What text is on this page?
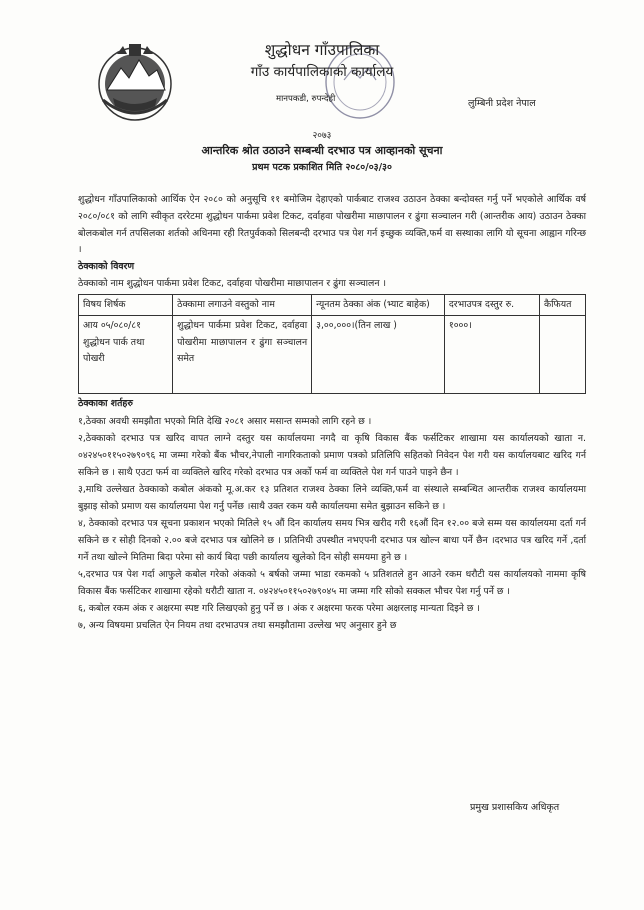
शुद्धोधन गाँउपालिका
गाँउ कार्यपालिकाको कार्यालय
मानपकडी, रुपन्देही	लुम्बिनी प्रदेश नेपाल
२०७३
आन्तरिक श्रोत उठाउने सम्बन्धी दरभाउ पत्र आव्हानको सूचना
प्रथम पटक प्रकाशित मिति २०८०/०३/३०

शुद्धोधन गाँउपालिकाको आर्थिक ऐन २०८० को अनुसूचि ११ बमोजिम देहाएको पार्कबाट राजश्व उठाउन ठेक्का बन्दोवस्त गर्नु पर्ने भएकोले आर्थिक वर्ष २०८०/०८१ को लागि स्वीकृत दररेटमा शुद्धोधन पार्कमा प्रवेश टिकट, दर्वाहवा पोखरीमा माछापालन र ढुंगा सञ्चालन गरी (आन्तरीक आय) उठाउन ठेक्का बोलकबोल गर्न तपसिलका शर्तको अधिनमा रही रितपुर्वकको सिलबन्दी दरभाउ पत्र पेश गर्न इच्छुक व्यक्ति,फर्म वा सस्थाका लागि यो सूचना आह्वान गरिन्छ ।

ठेक्काको विवरण

ठेक्काको नाम शुद्धोधन पार्कमा प्रवेश टिकट, दर्वाहवा पोखरीमा माछापालन र ढुंगा सञ्चालन ।

विषय शिर्षक	ठेक्कामा लगाउने वस्तुको नाम	न्यूनतम ठेक्का अंक (भ्याट बाहेक)	दरभाउपत्र दस्तुर रु.	कैफियत
आय ०५/०८०/८१ शुद्धोधन पार्क तथा पोखरी	शुद्धोधन पार्कमा प्रवेश टिकट, दर्वाहवा पोखरीमा माछापालन र ढुंगा सञ्चालन समेत	३,००,०००।(तिन लाख )	१०००।	

ठेक्काका शर्तहरु

१,ठेक्का अवधी समझौता भएको मिति देखि २०८१ असार मसान्त सम्मको लागि रहने छ ।

२,ठेक्काको दरभाउ पत्र खरिद वापत लाग्ने दस्तुर यस कार्यालयमा नगदै वा कृषि विकास बैंक फर्सटिकर शाखामा यस कार्यालयको खाता न. ०४२४५०११५०२७९०९६ मा जम्मा गरेको बैंक भौचर,नेपाली नागरिकताको प्रमाण पत्रको प्रतिलिपि सहितको निवेदन पेश गरी यस कार्यालयबाट खरिद गर्न सकिने छ । साथै एउटा फर्म वा व्यक्तिले खरिद गरेको दरभाउ पत्र अर्को फर्म वा व्यक्तिले पेश गर्न पाउने पाइने छैन ।

३,माथि उल्लेखत ठेक्काको कबोल अंकको मू.अ.कर १३ प्रतिशत राजश्व ठेक्का लिने व्यक्ति,फर्म वा संस्थाले सम्बन्धित आन्तरीक राजश्व कार्यालयमा बुझाइ सोको प्रमाण यस कार्यालयमा पेश गर्नु पर्नेछ ।साथै उक्त रकम यसै कार्यालयमा समेत बुझाउन सकिने छ ।

४, ठेक्काको दरभाउ पत्र सूचना प्रकाशन भएको मितिले १५ औं दिन कार्यालय समय भित्र खरीद गरी १६औं दिन १२.०० बजे सम्म यस कार्यालयमा दर्ता गर्न सकिने छ र सोही दिनको २.०० बजे दरभाउ पत्र खोलिने छ । प्रतिनिधी उपस्थीत नभएपनी दरभाउ पत्र खोल्न बाधा पर्ने छैन ।दरभाउ पत्र खरिद गर्ने ,दर्ता गर्ने तथा खोल्ने मितिमा बिदा परेमा सो कार्य बिदा पछी कार्यालय खुलेको दिन सोही समयमा हुने छ ।

५,दरभाउ पत्र पेश गर्दा आफुले कबोल गरेको अंकको ५ बर्षको जम्मा भाडा रकमको ५ प्रतिशतले हुन आउने रकम धरौटी यस कार्यालयको नाममा कृषि विकास बैंक फर्सटिकर शाखामा रहेको धरौटी खाता न. ०४२४५०११५०२७९०४५ मा जम्मा गरि सोको सक्कल भौचर पेश गर्नु पर्ने छ ।

६, कबोल रकम अंक र अक्षरमा स्पष्ट गरि लिखएको हुनु पर्ने छ । अंक र अक्षरमा फरक परेमा अक्षरलाइ मान्यता दिइने छ ।

७, अन्य विषयमा प्रचलित ऐन नियम तथा दरभाउपत्र तथा समझौतामा उल्लेख भए अनुसार हुने छ

प्रमुख प्रशासकिय अधिकृत
